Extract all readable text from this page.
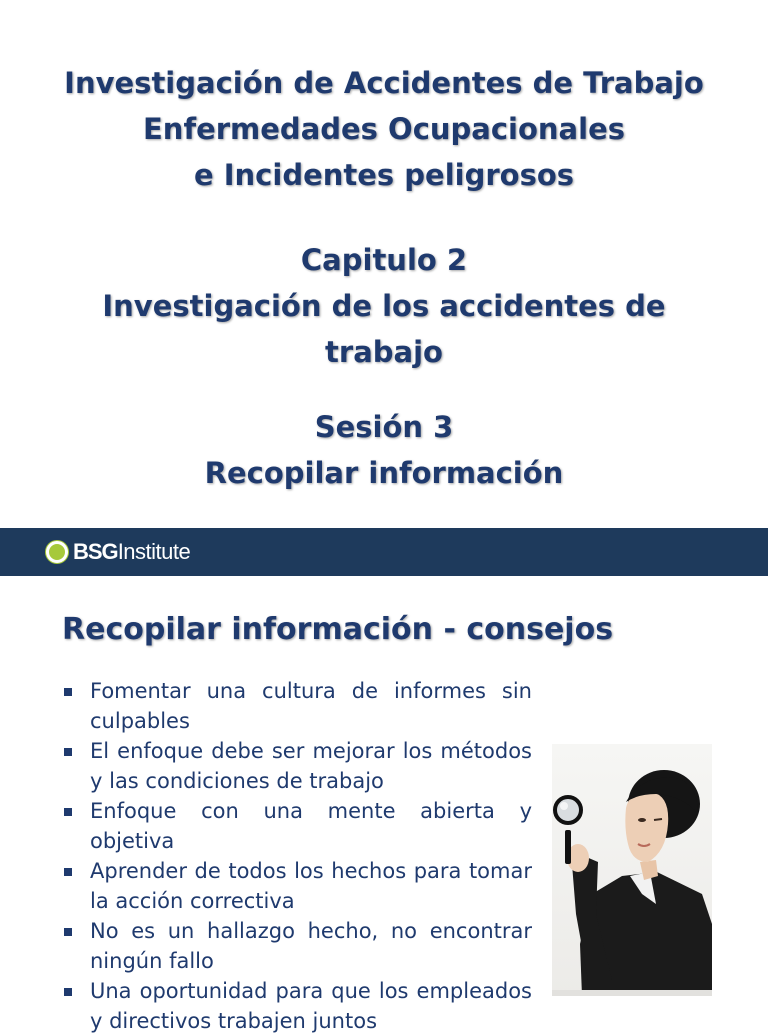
Investigación de Accidentes de Trabajo
Enfermedades Ocupacionales
e Incidentes peligrosos
Capitulo 2
Investigación de los accidentes de
trabajo
Sesión 3
Recopilar información
BSGInstitute
Recopilar información - consejos
Fomentar una cultura de informes sin culpables
El enfoque debe ser mejorar los métodos y las condiciones de trabajo
Enfoque con una mente abierta y objetiva
Aprender de todos los hechos para tomar la acción correctiva
No es un hallazgo hecho, no encontrar ningún fallo
Una oportunidad para que los empleados y directivos trabajen juntos
